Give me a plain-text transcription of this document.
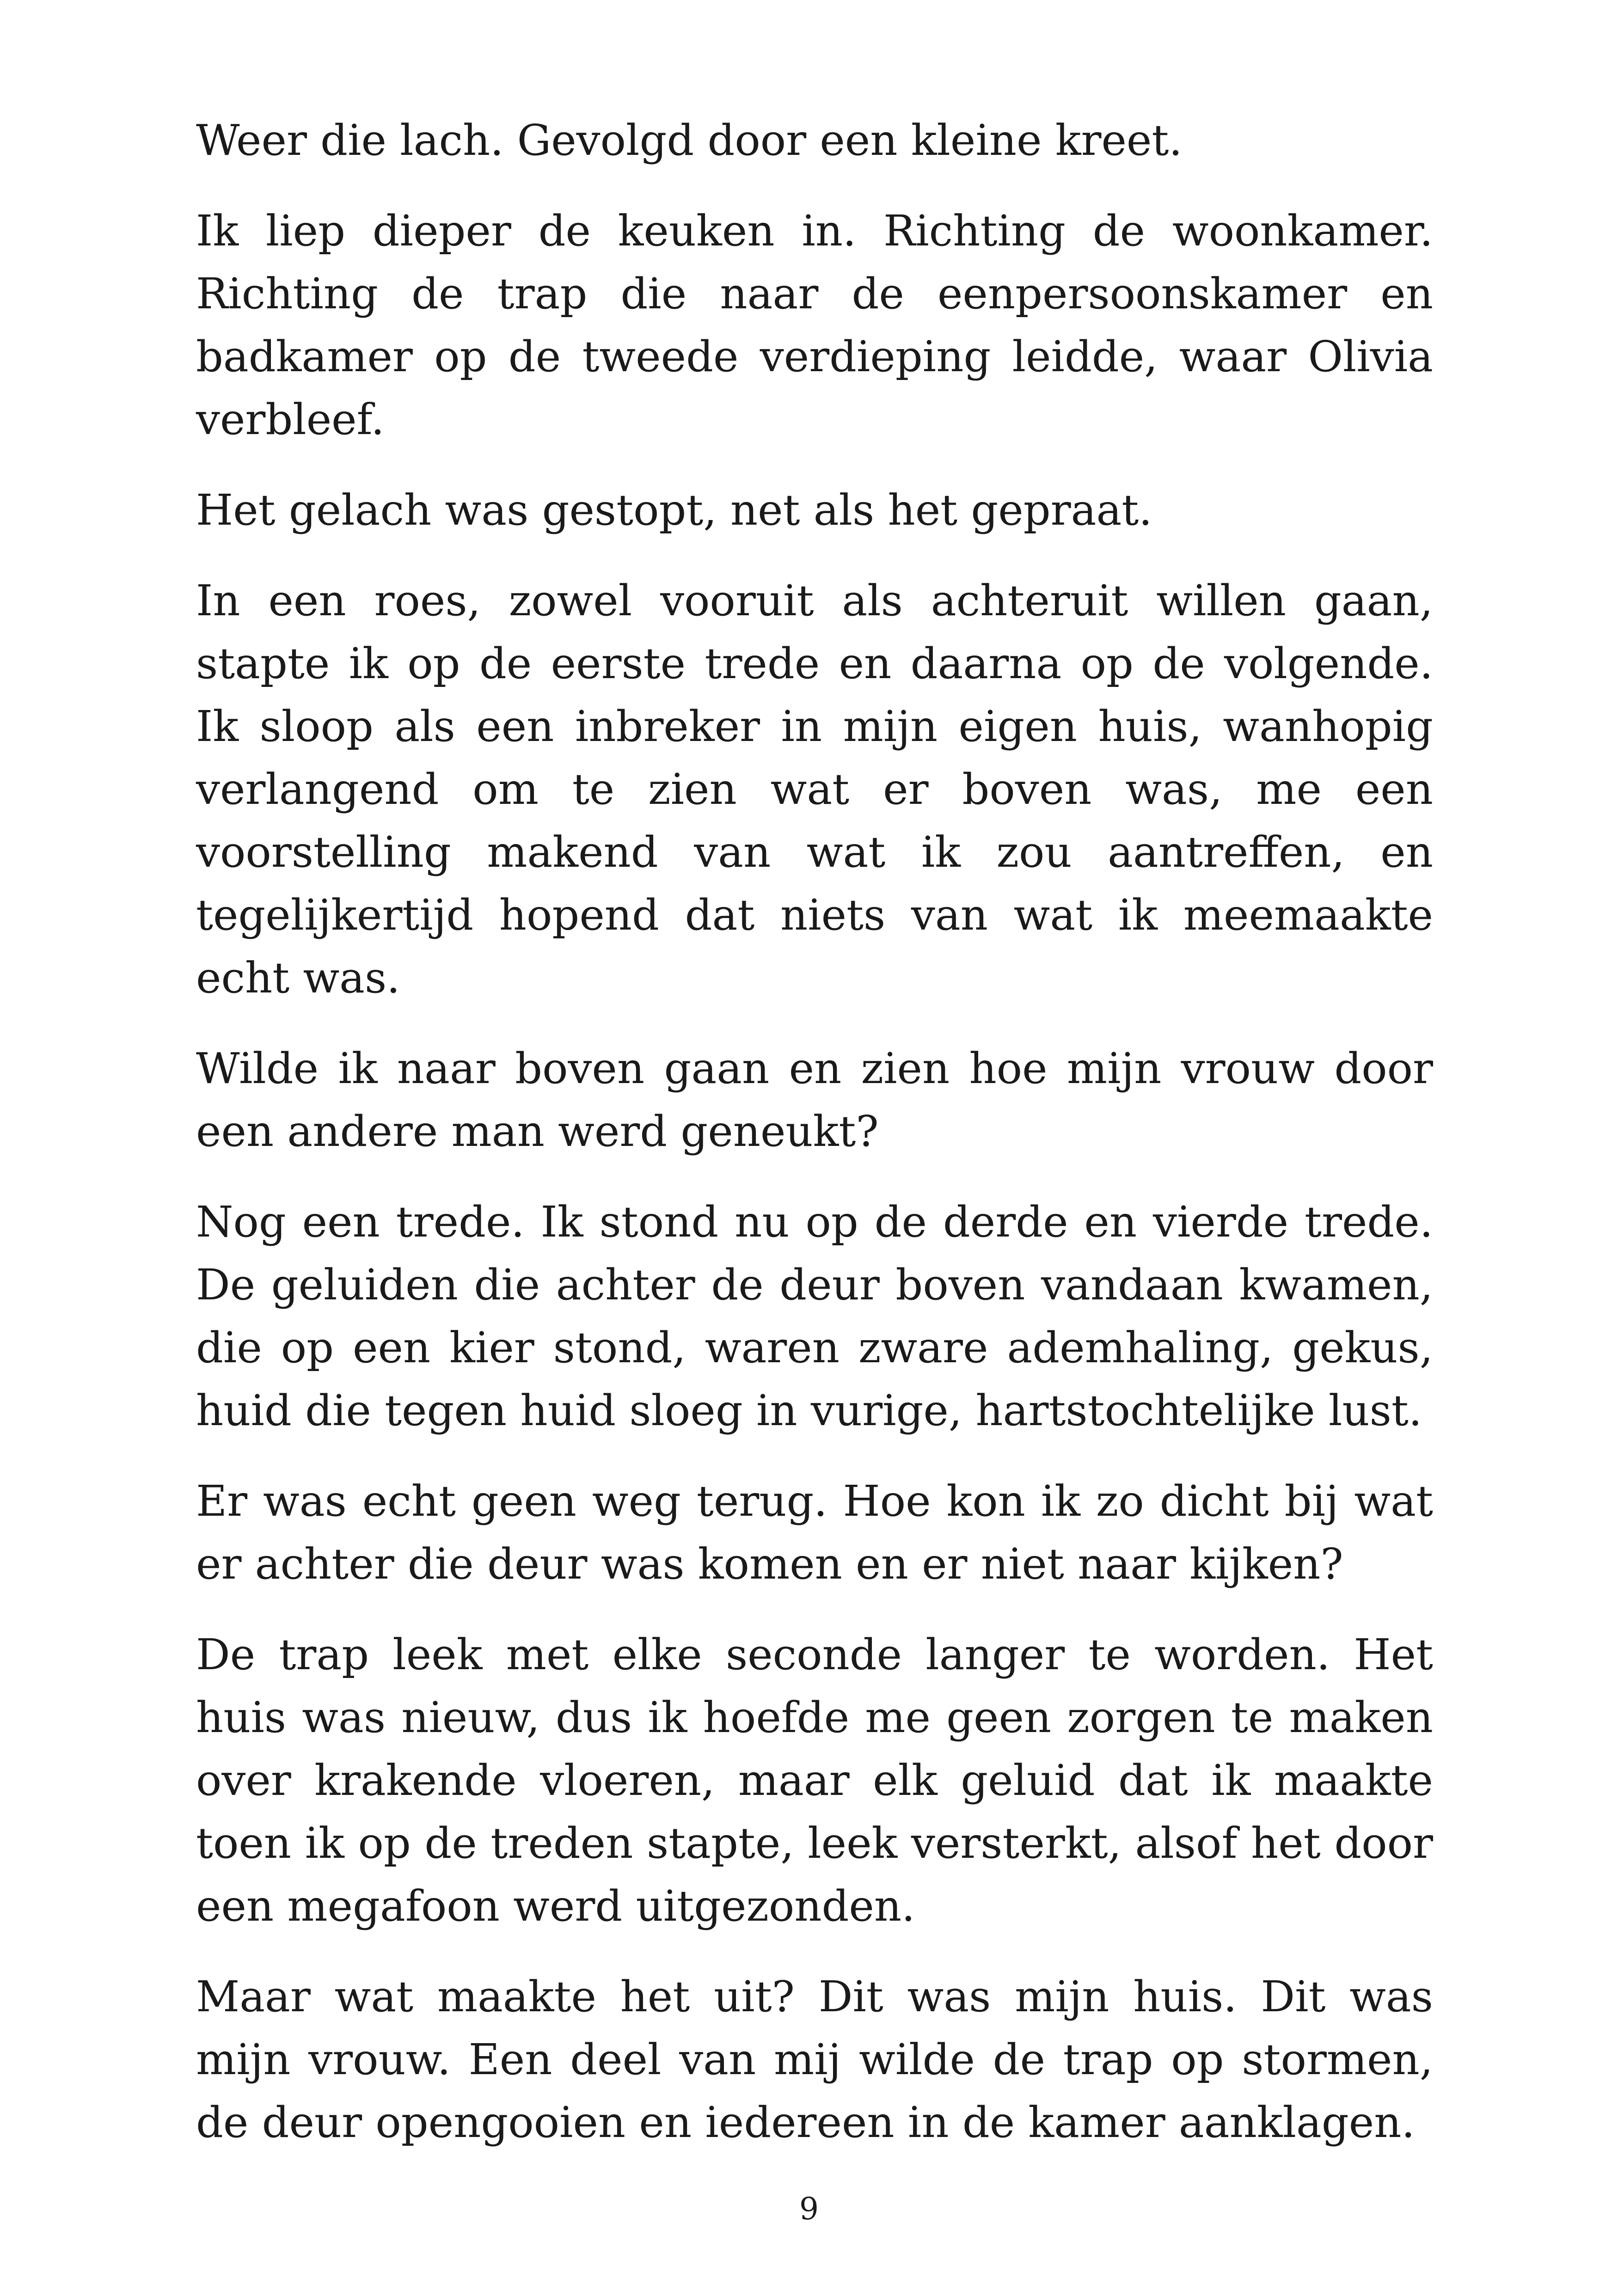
Weer die lach. Gevolgd door een kleine kreet.

Ik liep dieper de keuken in. Richting de woonkamer. Richting de trap die naar de eenpersoonskamer en badkamer op de tweede verdieping leidde, waar Olivia verbleef.

Het gelach was gestopt, net als het gepraat.

In een roes, zowel vooruit als achteruit willen gaan, stapte ik op de eerste trede en daarna op de volgende. Ik sloop als een inbreker in mijn eigen huis, wanhopig verlangend om te zien wat er boven was, me een voorstelling makend van wat ik zou aantreffen, en tegelijkertijd hopend dat niets van wat ik meemaakte echt was.

Wilde ik naar boven gaan en zien hoe mijn vrouw door een andere man werd geneukt?

Nog een trede. Ik stond nu op de derde en vierde trede. De geluiden die achter de deur boven vandaan kwamen, die op een kier stond, waren zware ademhaling, gekus, huid die tegen huid sloeg in vurige, hartstochtelijke lust.

Er was echt geen weg terug. Hoe kon ik zo dicht bij wat er achter die deur was komen en er niet naar kijken?

De trap leek met elke seconde langer te worden. Het huis was nieuw, dus ik hoefde me geen zorgen te maken over krakende vloeren, maar elk geluid dat ik maakte toen ik op de treden stapte, leek versterkt, alsof het door een megafoon werd uitgezonden.

Maar wat maakte het uit? Dit was mijn huis. Dit was mijn vrouw. Een deel van mij wilde de trap op stormen, de deur opengooien en iedereen in de kamer aanklagen.

9
